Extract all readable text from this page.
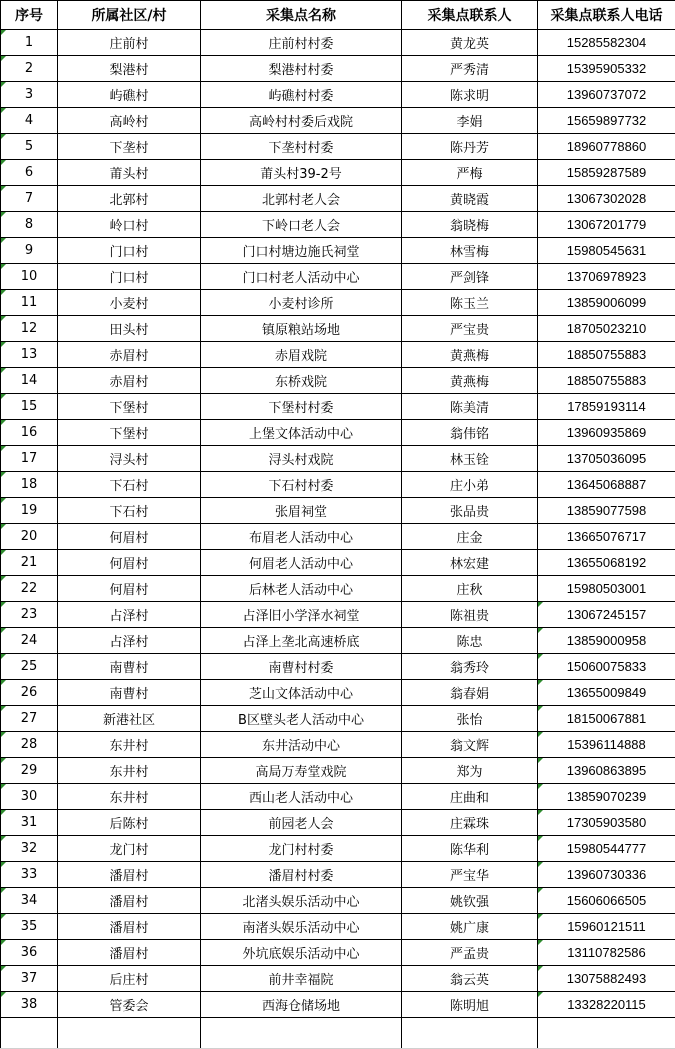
序号	所属社区/村	采集点名称	采集点联系人	采集点联系人电话
1	庄前村	庄前村村委	黄龙英	15285582304
2	梨港村	梨港村村委	严秀清	15395905332
3	屿礁村	屿礁村村委	陈求明	13960737072
4	高岭村	高岭村村委后戏院	李娟	15659897732
5	下垄村	下垄村村委	陈丹芳	18960778860
6	莆头村	莆头村39-2号	严梅	15859287589
7	北郭村	北郭村老人会	黄晓霞	13067302028
8	岭口村	下岭口老人会	翁晓梅	13067201779
9	门口村	门口村塘边施氏祠堂	林雪梅	15980545631
10	门口村	门口村老人活动中心	严剑锋	13706978923
11	小麦村	小麦村诊所	陈玉兰	13859006099
12	田头村	镇原粮站场地	严宝贵	18705023210
13	赤眉村	赤眉戏院	黄燕梅	18850755883
14	赤眉村	东桥戏院	黄燕梅	18850755883
15	下堡村	下堡村村委	陈美清	17859193114
16	下堡村	上堡文体活动中心	翁伟铭	13960935869
17	浔头村	浔头村戏院	林玉铨	13705036095
18	下石村	下石村村委	庄小弟	13645068887
19	下石村	张眉祠堂	张品贵	13859077598
20	何眉村	布眉老人活动中心	庄金	13665076717
21	何眉村	何眉老人活动中心	林宏建	13655068192
22	何眉村	后林老人活动中心	庄秋	15980503001
23	占泽村	占泽旧小学泽水祠堂	陈祖贵	13067245157
24	占泽村	占泽上垄北高速桥底	陈忠	13859000958
25	南曹村	南曹村村委	翁秀玲	15060075833
26	南曹村	芝山文体活动中心	翁春娟	13655009849
27	新港社区	B区壁头老人活动中心	张怡	18150067881
28	东井村	东井活动中心	翁文辉	15396114888
29	东井村	高局万寿堂戏院	郑为	13960863895
30	东井村	西山老人活动中心	庄曲和	13859070239
31	后陈村	前园老人会	庄霖珠	17305903580
32	龙门村	龙门村村委	陈华利	15980544777
33	潘眉村	潘眉村村委	严宝华	13960730336
34	潘眉村	北渚头娱乐活动中心	姚钦强	15606066505
35	潘眉村	南渚头娱乐活动中心	姚广康	15960121511
36	潘眉村	外坑底娱乐活动中心	严孟贵	13110782586
37	后庄村	前井幸福院	翁云英	13075882493
38	管委会	西海仓储场地	陈明旭	13328220115
